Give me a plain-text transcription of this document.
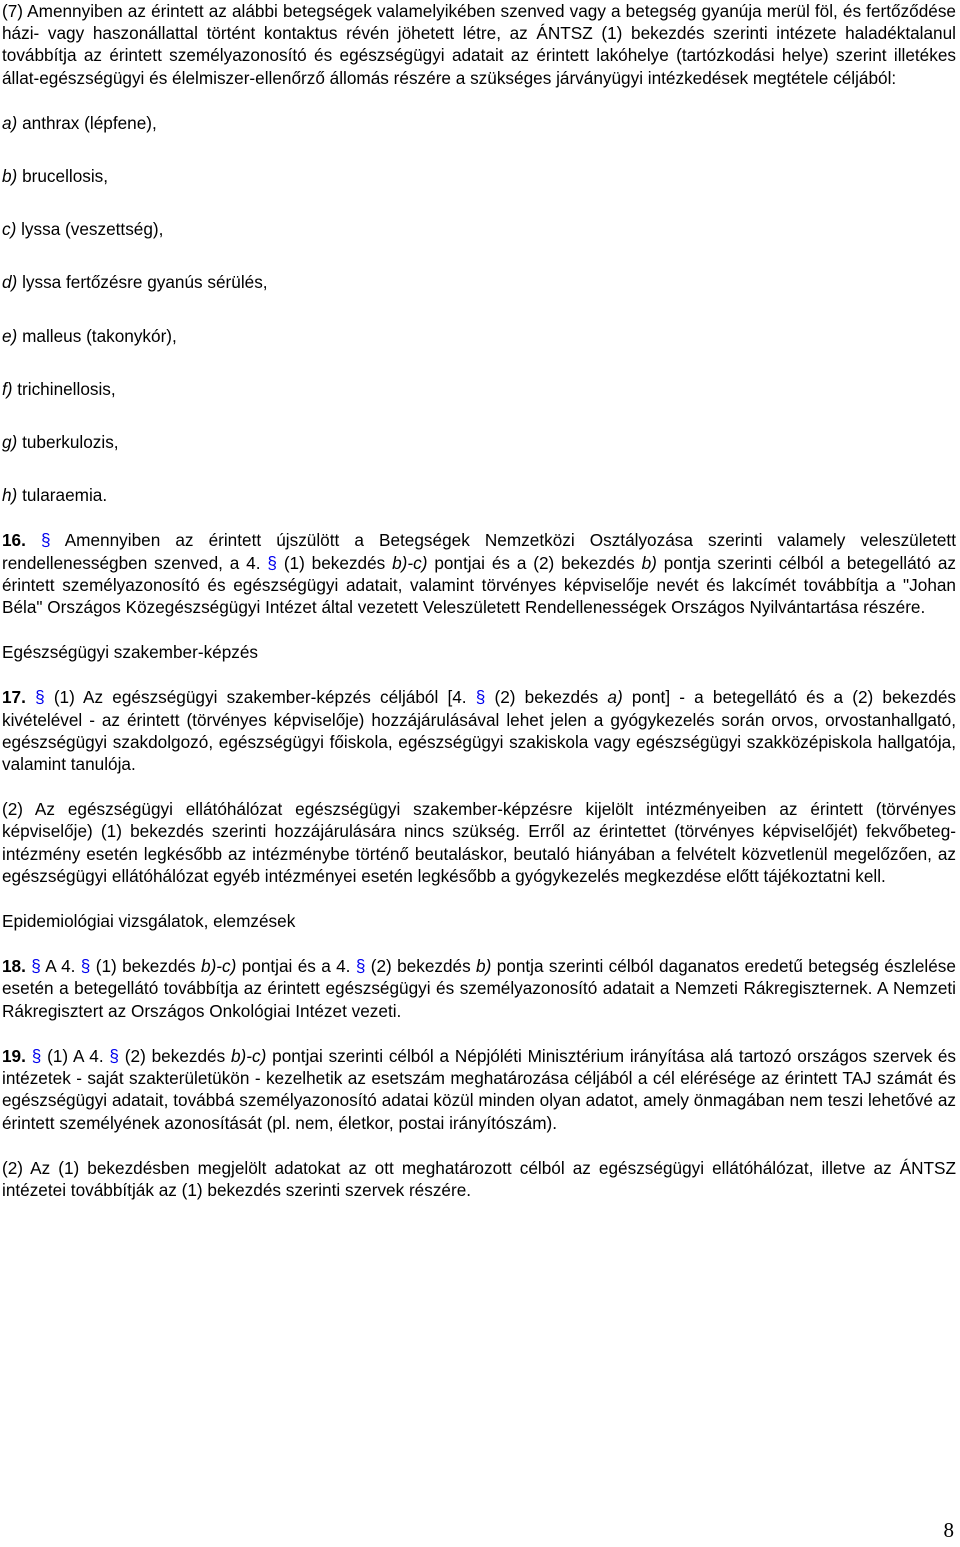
(7) Amennyiben az érintett az alábbi betegségek valamelyikében szenved vagy a betegség gyanúja merül föl, és fertőződése házi- vagy haszonállattal történt kontaktus révén jöhetett létre, az ÁNTSZ (1) bekezdés szerinti intézete haladéktalanul továbbítja az érintett személyazonosító és egészségügyi adatait az érintett lakóhelye (tartózkodási helye) szerint illetékes állat-egészségügyi és élelmiszer-ellenőrző állomás részére a szükséges járványügyi intézkedések megtétele céljából:

a) anthrax (lépfene),

b) brucellosis,

c) lyssa (veszettség),

d) lyssa fertőzésre gyanús sérülés,

e) malleus (takonykór),

f) trichinellosis,

g) tuberkulozis,

h) tularaemia.

16. § Amennyiben az érintett újszülött a Betegségek Nemzetközi Osztályozása szerinti valamely veleszületett rendellenességben szenved, a 4. § (1) bekezdés b)-c) pontjai és a (2) bekezdés b) pontja szerinti célból a betegellátó az érintett személyazonosító és egészségügyi adatait, valamint törvényes képviselője nevét és lakcímét továbbítja a "Johan Béla" Országos Közegészségügyi Intézet által vezetett Veleszületett Rendellenességek Országos Nyilvántartása részére.

Egészségügyi szakember-képzés

17. § (1) Az egészségügyi szakember-képzés céljából [4. § (2) bekezdés a) pont] - a betegellátó és a (2) bekezdés kivételével - az érintett (törvényes képviselője) hozzájárulásával lehet jelen a gyógykezelés során orvos, orvostanhallgató, egészségügyi szakdolgozó, egészségügyi főiskola, egészségügyi szakiskola vagy egészségügyi szakközépiskola hallgatója, valamint tanulója.

(2) Az egészségügyi ellátóhálózat egészségügyi szakember-képzésre kijelölt intézményeiben az érintett (törvényes képviselője) (1) bekezdés szerinti hozzájárulására nincs szükség. Erről az érintettet (törvényes képviselőjét) fekvőbeteg-intézmény esetén legkésőbb az intézménybe történő beutaláskor, beutaló hiányában a felvételt közvetlenül megelőzően, az egészségügyi ellátóhálózat egyéb intézményei esetén legkésőbb a gyógykezelés megkezdése előtt tájékoztatni kell.

Epidemiológiai vizsgálatok, elemzések

18. § A 4. § (1) bekezdés b)-c) pontjai és a 4. § (2) bekezdés b) pontja szerinti célból daganatos eredetű betegség észlelése esetén a betegellátó továbbítja az érintett egészségügyi és személyazonosító adatait a Nemzeti Rákregiszternek. A Nemzeti Rákregisztert az Országos Onkológiai Intézet vezeti.

19. § (1) A 4. § (2) bekezdés b)-c) pontjai szerinti célból a Népjóléti Minisztérium irányítása alá tartozó országos szervek és intézetek - saját szakterületükön - kezelhetik az esetszám meghatározása céljából a cél elérésége az érintett TAJ számát és egészségügyi adatait, továbbá személyazonosító adatai közül minden olyan adatot, amely önmagában nem teszi lehetővé az érintett személyének azonosítását (pl. nem, életkor, postai irányítószám).

(2) Az (1) bekezdésben megjelölt adatokat az ott meghatározott célból az egészségügyi ellátóhálózat, illetve az ÁNTSZ intézetei továbbítják az (1) bekezdés szerinti szervek részére.

8
